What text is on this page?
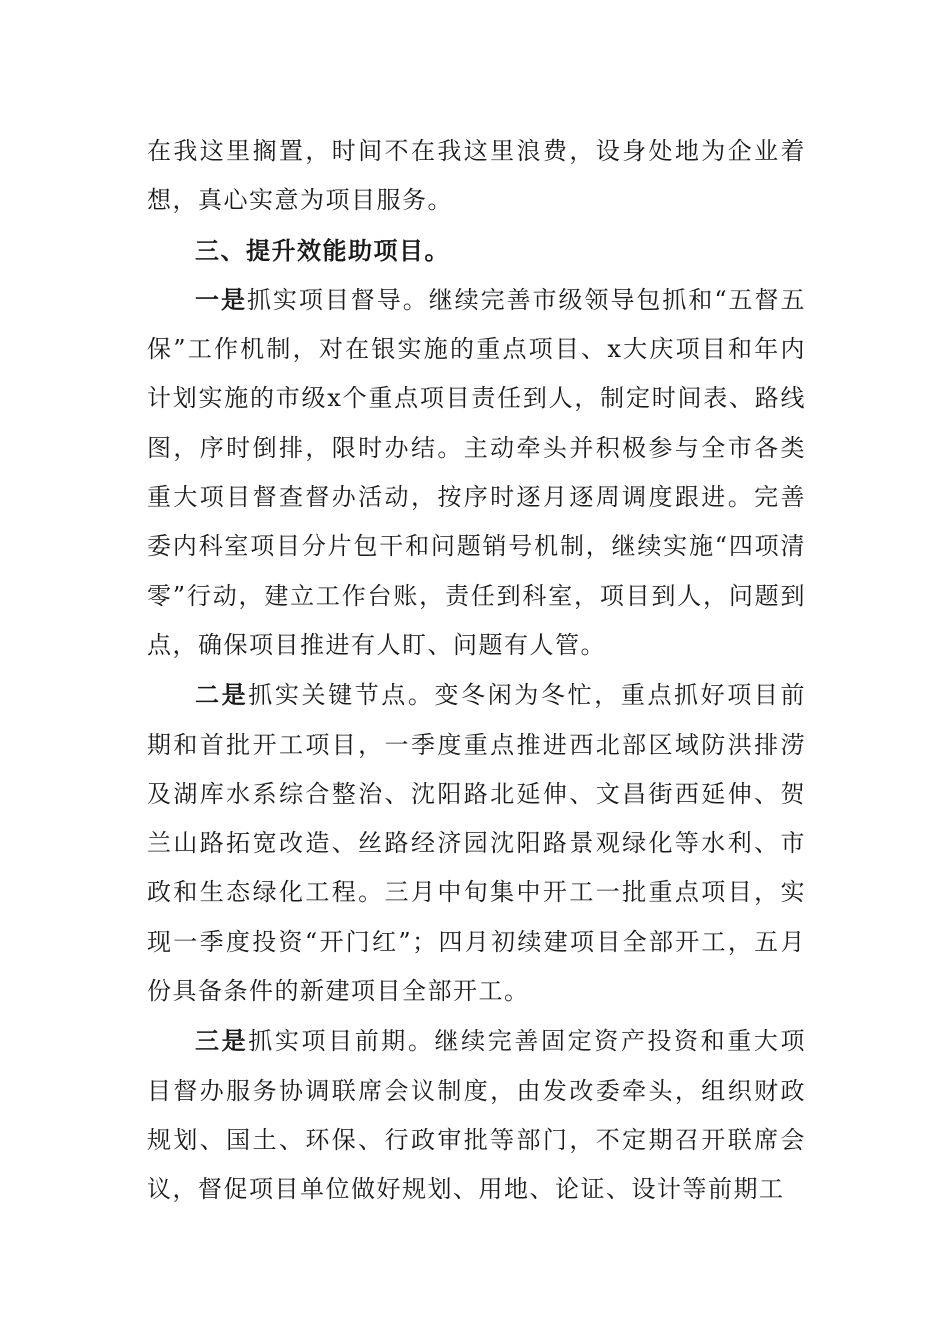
在我这里搁置，时间不在我这里浪费，设身处地为企业着想，真心实意为项目服务。

三、提升效能助项目。

一是抓实项目督导。继续完善市级领导包抓和“五督五保”工作机制，对在银实施的重点项目、x大庆项目和年内计划实施的市级x个重点项目责任到人，制定时间表、路线图，序时倒排，限时办结。主动牵头并积极参与全市各类重大项目督查督办活动，按序时逐月逐周调度跟进。完善委内科室项目分片包干和问题销号机制，继续实施“四项清零”行动，建立工作台账，责任到科室，项目到人，问题到点，确保项目推进有人盯、问题有人管。

二是抓实关键节点。变冬闲为冬忙，重点抓好项目前期和首批开工项目，一季度重点推进西北部区域防洪排涝及湖库水系综合整治、沈阳路北延伸、文昌街西延伸、贺兰山路拓宽改造、丝路经济园沈阳路景观绿化等水利、市政和生态绿化工程。三月中旬集中开工一批重点项目，实现一季度投资“开门红”；四月初续建项目全部开工，五月份具备条件的新建项目全部开工。

三是抓实项目前期。继续完善固定资产投资和重大项目督办服务协调联席会议制度，由发改委牵头，组织财政规划、国土、环保、行政审批等部门，不定期召开联席会议，督促项目单位做好规划、用地、论证、设计等前期工
